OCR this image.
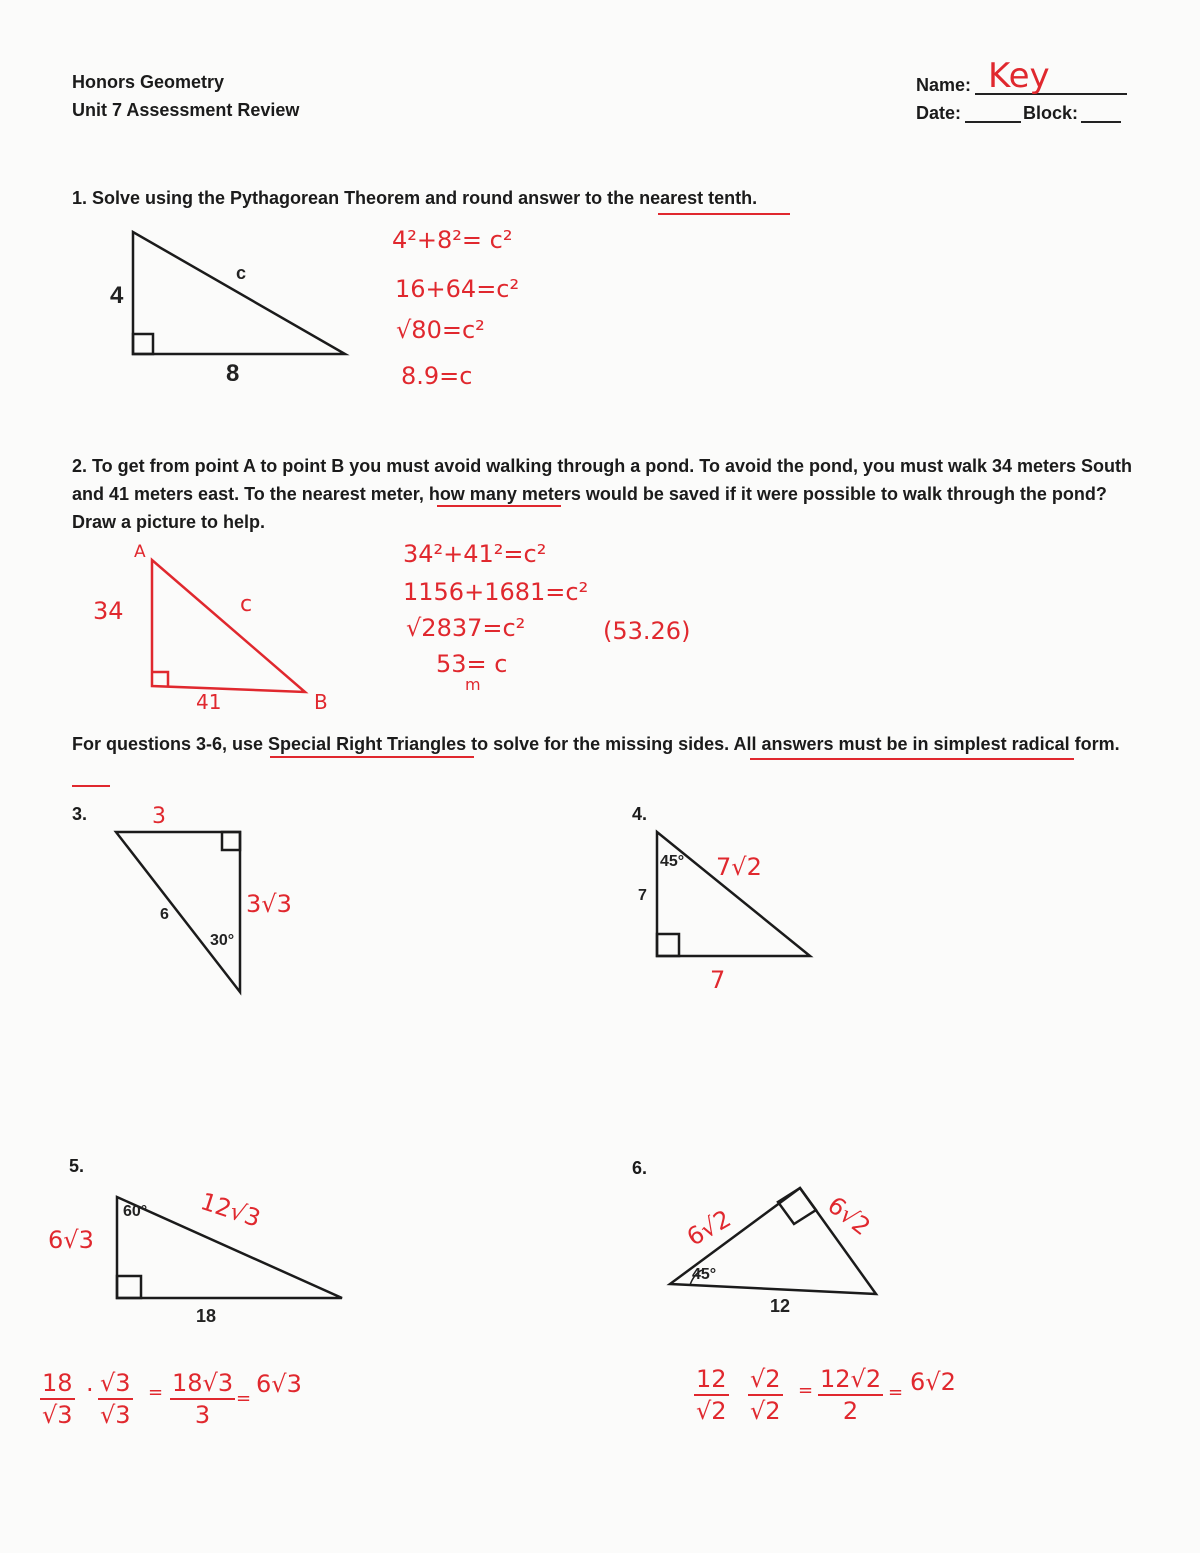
Honors Geometry
Unit 7 Assessment Review
Name: Key
Date:	Block:
1. Solve using the Pythagorean Theorem and round answer to the nearest tenth.
4
c
8
4²+8²= c²
16+64=c²
√80=c²
8.9=c
2. To get from point A to point B you must avoid walking through a pond. To avoid the pond, you must walk 34 meters South and 41 meters east. To the nearest meter, how many meters would be saved if it were possible to walk through the pond? Draw a picture to help.
A
B
34	c
41
34²+41²=c²
1156+1681=c²
√2837=c²	(53.26)
53= c
m
For questions 3-6, use Special Right Triangles to solve for the missing sides. All answers must be in simplest radical form.
3.	3
6
30°
3√3
4.
45°
7
7√2
7
5.
60°
6√3
12√3
18
$\frac{18}{√3} \cdot \frac{√3}{√3} = \frac{18√3}{3}$ =
6√3
6.
6√2	6√2
45°
12
$\frac{12}{√2} \frac{√2}{√2} = \frac{12√2}{2} = 6√2$
